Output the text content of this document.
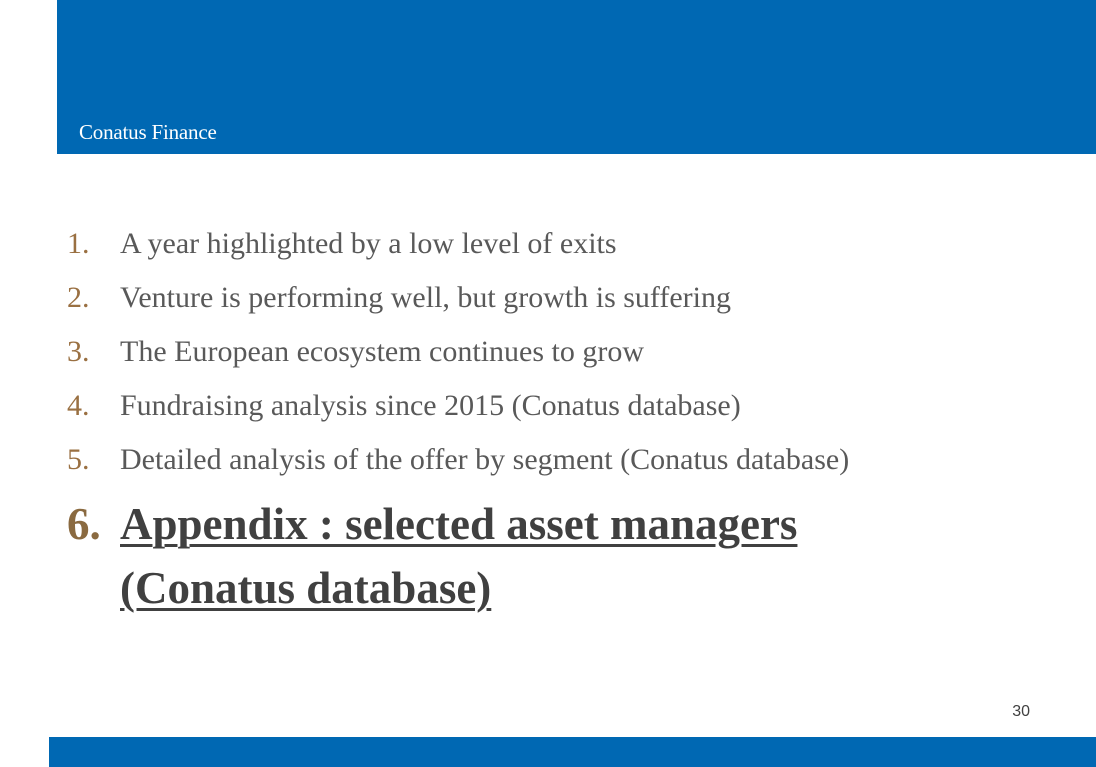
Conatus Finance
1.	A year highlighted by a low level of exits
2.	Venture is performing well, but growth is suffering
3.	The European ecosystem continues to grow
4.	Fundraising analysis since 2015 (Conatus database)
5.	Detailed analysis of the offer by segment (Conatus database)
6. Appendix : selected asset managers (Conatus database)
30
